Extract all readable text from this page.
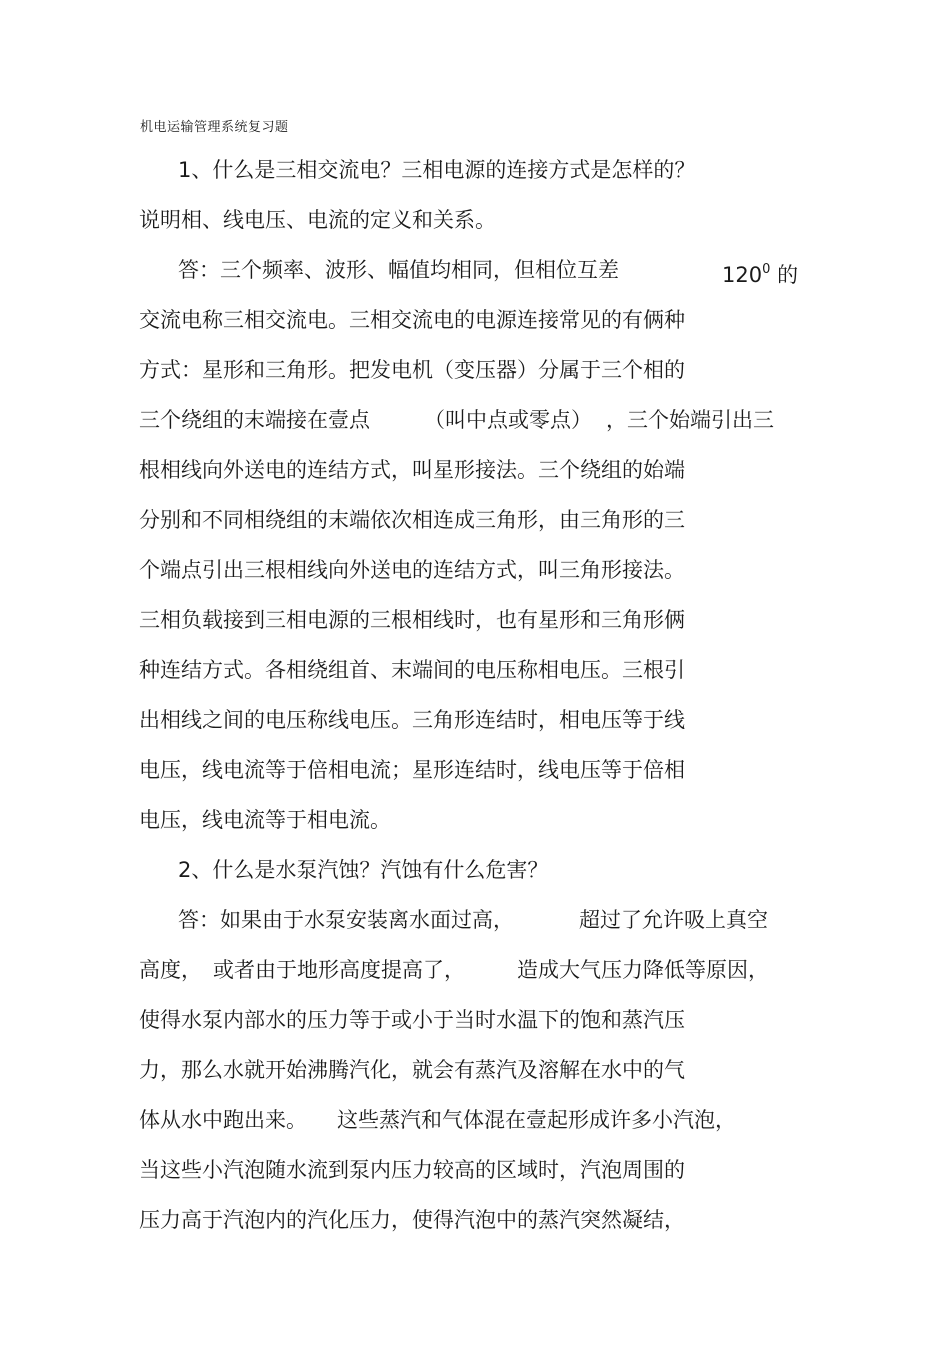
机电运输管理系统复习题
1、什么是三相交流电？三相电源的连接方式是怎样的？
说明相、线电压、电流的定义和关系。
答：三个频率、波形、幅值均相同，但相位互差	$120^0$ 的
交流电称三相交流电。三相交流电的电源连接常见的有俩种
方式：星形和三角形。把发电机（变压器）分属于三个相的
三个绕组的末端接在壹点	（叫中点或零点） ，三个始端引出三
根相线向外送电的连结方式，叫星形接法。三个绕组的始端
分别和不同相绕组的末端依次相连成三角形，由三角形的三
个端点引出三根相线向外送电的连结方式，叫三角形接法。
三相负载接到三相电源的三根相线时，也有星形和三角形俩
种连结方式。各相绕组首、末端间的电压称相电压。三根引
出相线之间的电压称线电压。三角形连结时，相电压等于线
电压，线电流等于倍相电流；星形连结时，线电压等于倍相
电压，线电流等于相电流。
2、什么是水泵汽蚀？汽蚀有什么危害？
答：如果由于水泵安装离水面过高，	超过了允许吸上真空
高度， 或者由于地形高度提高了， 造成大气压力降低等原因，
使得水泵内部水的压力等于或小于当时水温下的饱和蒸汽压
力，那么水就开始沸腾汽化，就会有蒸汽及溶解在水中的气
体从水中跑出来。 这些蒸汽和气体混在壹起形成许多小汽泡，
当这些小汽泡随水流到泵内压力较高的区域时，汽泡周围的
压力高于汽泡内的汽化压力，使得汽泡中的蒸汽突然凝结，
